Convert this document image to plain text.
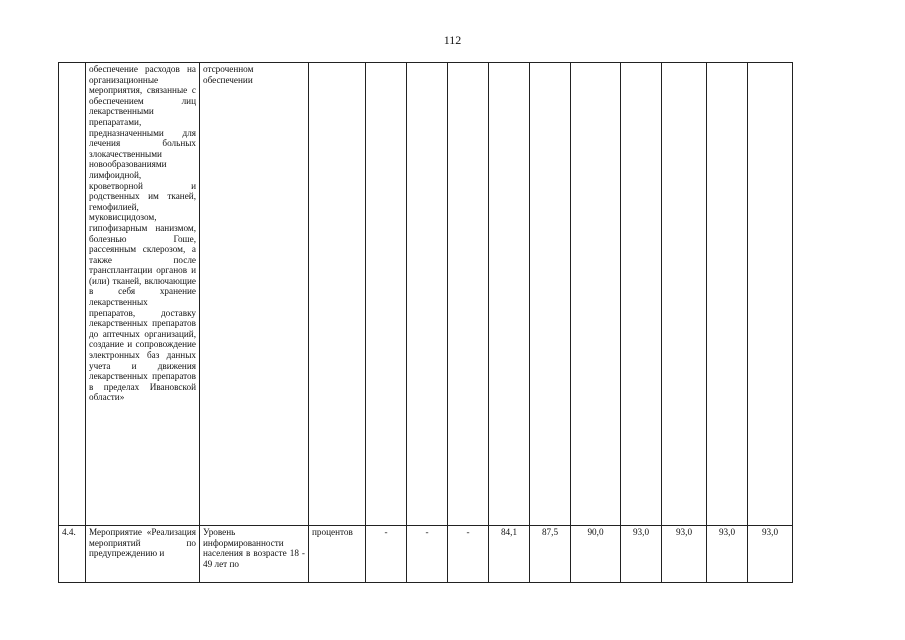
112
	обеспечение расходов на организационные мероприятия, связанные с обеспечением лиц лекарственными препаратами, предназначенными для лечения больных злокачественными новообразованиями лимфоидной, кроветворной и родственных им тканей, гемофилией, муковисцидозом, гипофизарным нанизмом, болезнью Гоше, рассеянным склерозом, а также после трансплантации органов и (или) тканей, включающие в себя хранение лекарственных препаратов, доставку лекарственных препаратов до аптечных организаций, создание и сопровождение электронных баз данных учета и движения лекарственных препаратов в пределах Ивановской области»	отсроченном обеспечении											
4.4.	Мероприятие «Реализация мероприятий по предупреждению и	Уровень информированности населения в возрасте 18 - 49 лет по	процентов	-	-	-	84,1	87,5	90,0	93,0	93,0	93,0	93,0
